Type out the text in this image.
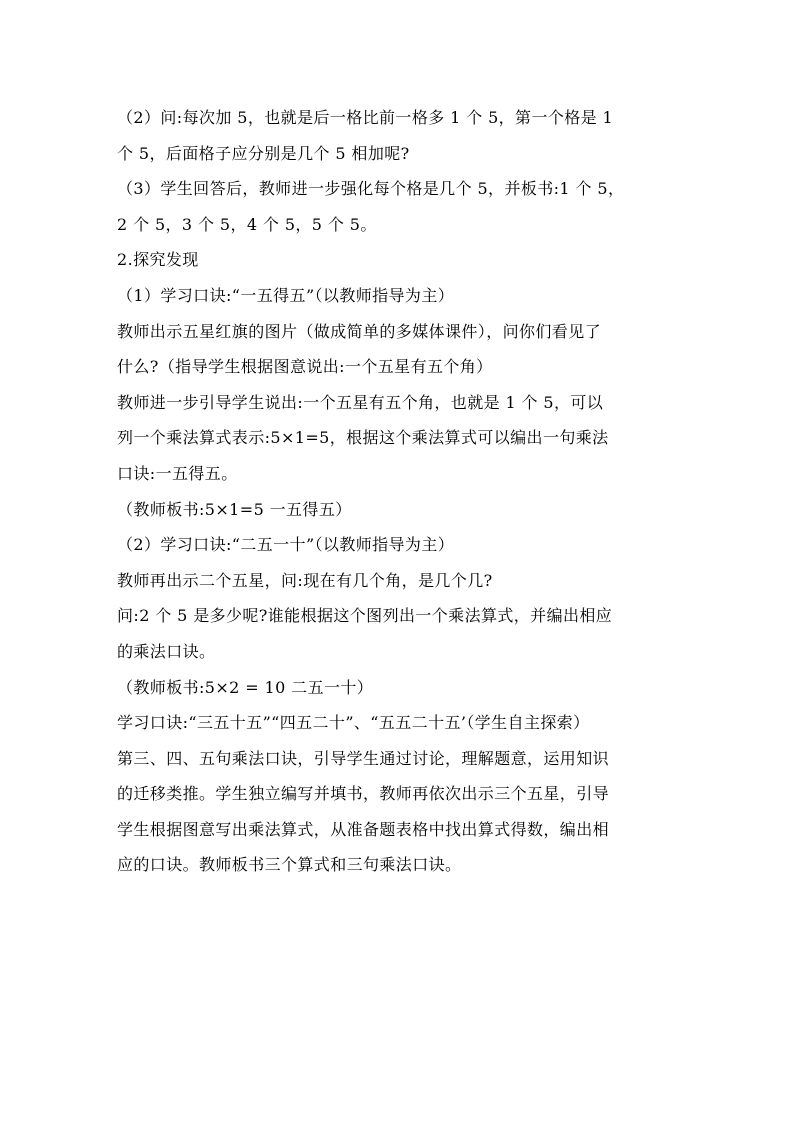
（2）问:每次加 5，也就是后一格比前一格多 1 个 5，第一个格是 1
个 5，后面格子应分别是几个 5 相加呢?
（3）学生回答后，教师进一步强化每个格是几个 5，并板书:1 个 5，
2 个 5，3 个 5，4 个 5，5 个 5。
2.探究发现
（1）学习口诀:“一五得五”（以教师指导为主）
教师出示五星红旗的图片（做成简单的多媒体课件），问你们看见了
什么?（指导学生根据图意说出:一个五星有五个角）
教师进一步引导学生说出:一个五星有五个角，也就是 1 个 5，可以
列一个乘法算式表示:5×1=5，根据这个乘法算式可以编出一句乘法
口诀:一五得五。
（教师板书:5×1=5 一五得五）
（2）学习口诀:“二五一十”（以教师指导为主）
教师再出示二个五星，问:现在有几个角，是几个几?
问:2 个 5 是多少呢?谁能根据这个图列出一个乘法算式，并编出相应
的乘法口诀。
（教师板书:5×2 = 10 二五一十）
学习口诀:“三五十五”“四五二十”、“五五二十五’（学生自主探索）
第三、四、五句乘法口诀，引导学生通过讨论，理解题意，运用知识
的迁移类推。学生独立编写并填书，教师再依次出示三个五星，引导
学生根据图意写出乘法算式，从准备题表格中找出算式得数，编出相
应的口诀。教师板书三个算式和三句乘法口诀。
